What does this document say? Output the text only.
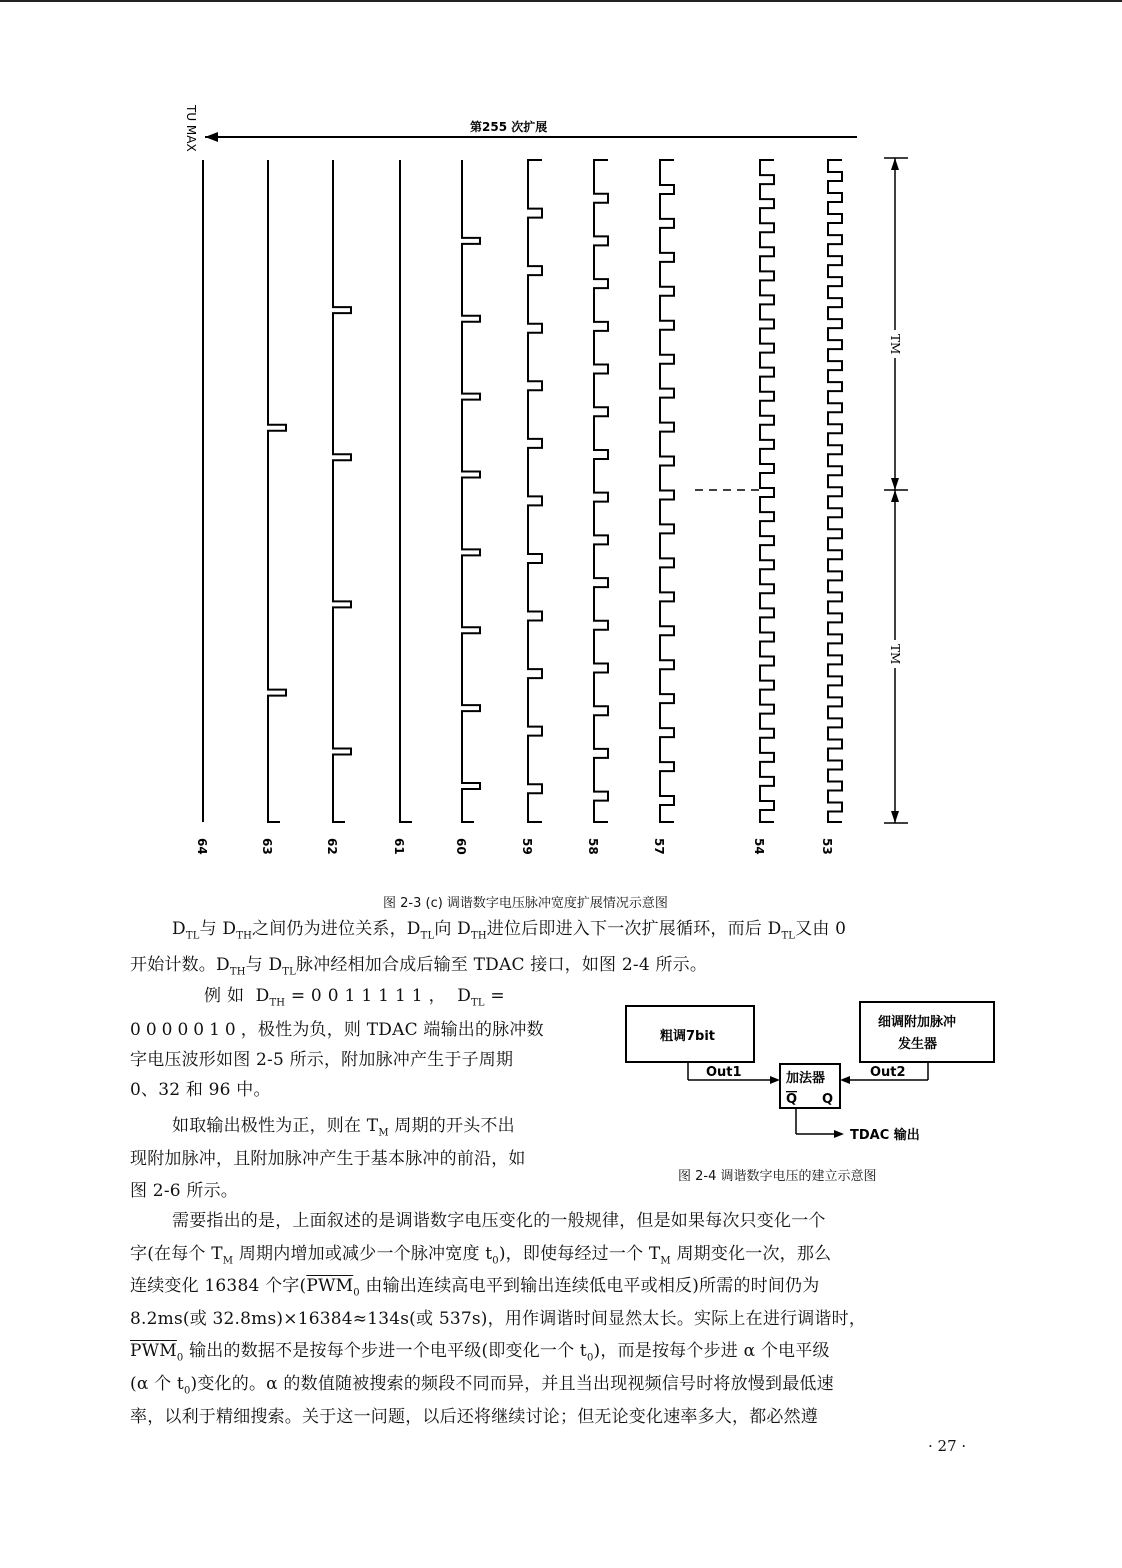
第255 次扩展
TU MAX
64	63	62	61	60	59	58	57	54	53
TM
TM
图 2-3 (c) 调谐数字电压脉冲宽度扩展情况示意图
$D_{TL}$与 $D_{TH}$之间仍为进位关系，$D_{TL}$向 $D_{TH}$进位后即进入下一次扩展循环，而后 $D_{TL}$又由 0
开始计数。$D_{TH}$与 $D_{TL}$脉冲经相加合成后输至 TDAC 接口，如图 2-4 所示。
例如 $D_{TH} = 0011111$， $D_{TL}$ =
0000010，极性为负，则 TDAC 端输出的脉冲数
字电压波形如图 2-5 所示，附加脉冲产生于子周期
0、32 和 96 中。
如取输出极性为正，则在 $T_M$ 周期的开头不出
现附加脉冲，且附加脉冲产生于基本脉冲的前沿，如
图 2-6 所示。
粗调7bit
细调附加脉冲
发生器
加法器
Q Q
Out1	Out2
TDAC 输出
图 2-4 调谐数字电压的建立示意图
需要指出的是，上面叙述的是调谐数字电压变化的一般规律，但是如果每次只变化一个
字(在每个 $T_M$ 周期内增加或减少一个脉冲宽度 $t_0$)，即使每经过一个 $T_M$ 周期变化一次，那么
连续变化 16384 个字($\overline{PWM}_0$ 由输出连续高电平到输出连续低电平或相反)所需的时间仍为
8.2ms(或 32.8ms)×16384≈134s(或 537s)，用作调谐时间显然太长。实际上在进行调谐时，
$\overline{PWM}_0$ 输出的数据不是按每个步进一个电平级(即变化一个 $t_0$)，而是按每个步进 α 个电平级
(α 个 $t_0$)变化的。α 的数值随被搜索的频段不同而异，并且当出现视频信号时将放慢到最低速
率，以利于精细搜索。关于这一问题，以后还将继续讨论；但无论变化速率多大，都必然遵
· 27 ·
